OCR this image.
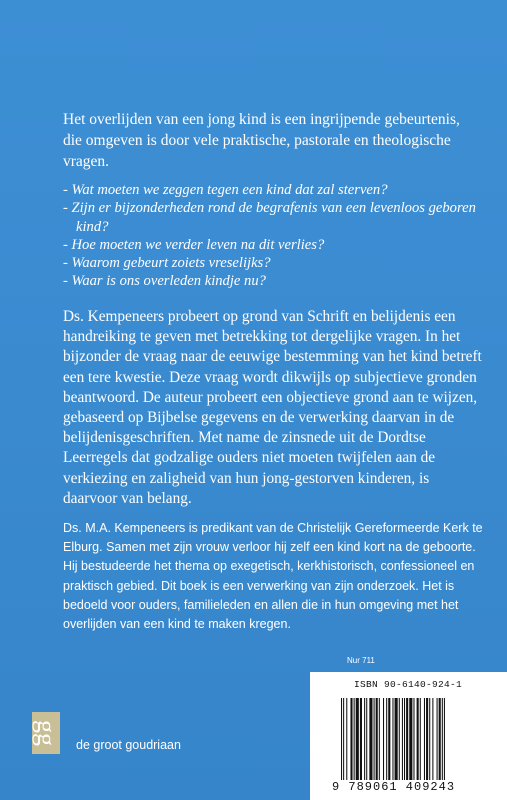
Het overlijden van een jong kind is een ingrijpende gebeurtenis, die omgeven is door vele praktische, pastorale en theologische vragen.

- Wat moeten we zeggen tegen een kind dat zal sterven?
- Zijn er bijzonderheden rond de begrafenis van een levenloos geboren kind?
- Hoe moeten we verder leven na dit verlies?
- Waarom gebeurt zoiets vreselijks?
- Waar is ons overleden kindje nu?

Ds. Kempeneers probeert op grond van Schrift en belijdenis een handreiking te geven met betrekking tot dergelijke vragen. In het bijzonder de vraag naar de eeuwige bestemming van het kind betreft een tere kwestie. Deze vraag wordt dikwijls op subjectieve gronden beantwoord. De auteur probeert een objectieve grond aan te wijzen, gebaseerd op Bijbelse gegevens en de verwerking daarvan in de belijdenisgeschriften. Met name de zinsnede uit de Dordtse Leerregels dat godzalige ouders niet moeten twijfelen aan de verkiezing en zaligheid van hun jong-gestorven kinderen, is daarvoor van belang.

Ds. M.A. Kempeneers is predikant van de Christelijk Gereformeerde Kerk te Elburg. Samen met zijn vrouw verloor hij zelf een kind kort na de geboorte. Hij bestudeerde het thema op exegetisch, kerkhistorisch, confessioneel en praktisch gebied. Dit boek is een verwerking van zijn onderzoek. Het is bedoeld voor ouders, familieleden en allen die in hun omgeving met het overlijden van een kind te maken kregen.

Nur 711
ISBN 90-6140-924-1
9 789061 409243
gg de groot goudriaan
